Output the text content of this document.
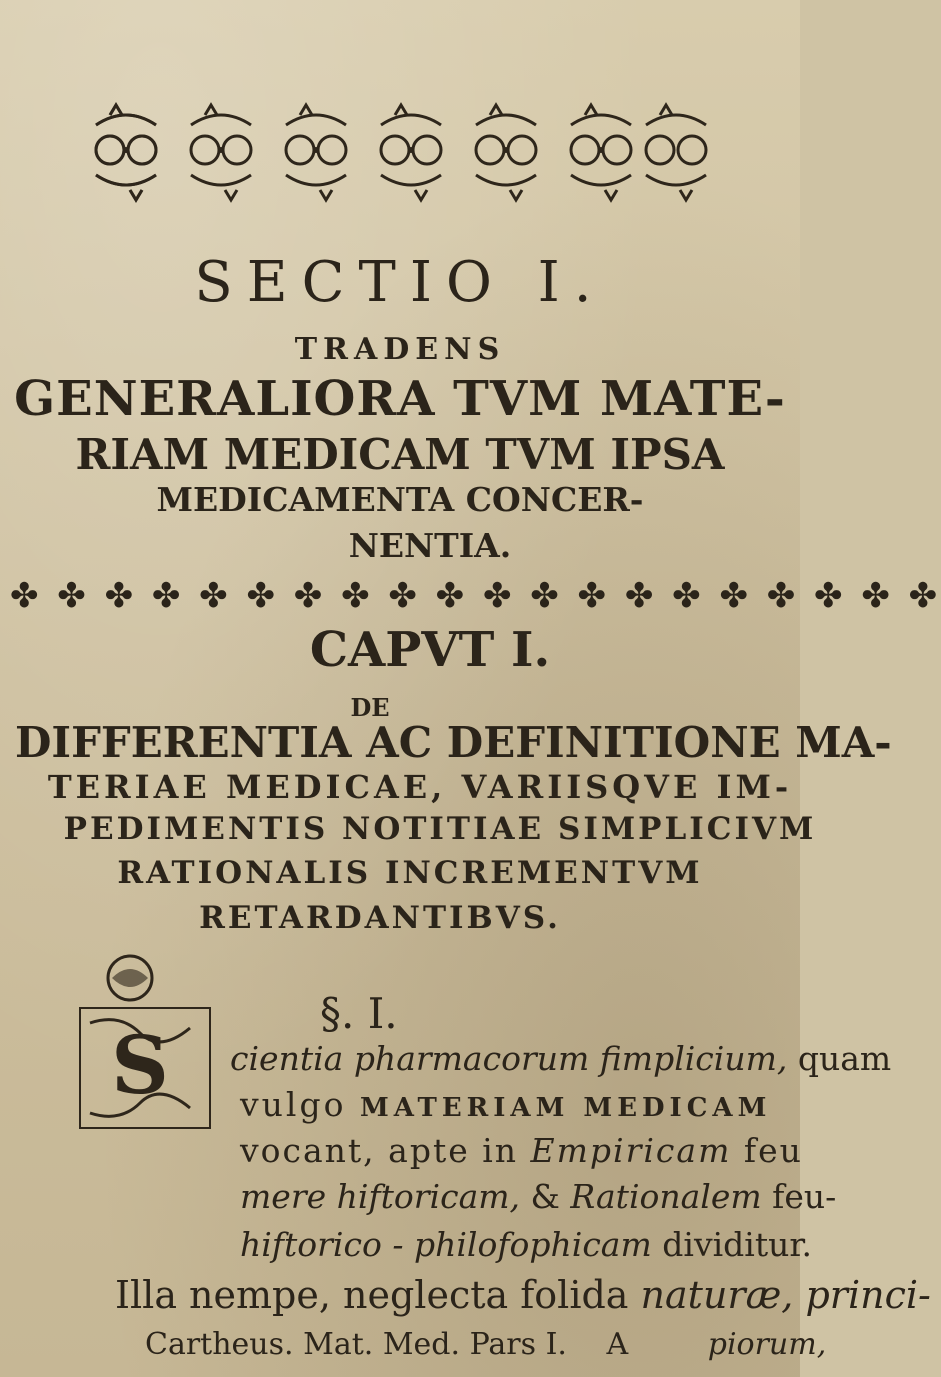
SECTIO I.
TRADENS
GENERALIORA TVM MATE-
RIAM MEDICAM TVM IPSA
MEDICAMENTA CONCER-
NENTIA.
✤ ✤ ✤ ✤ ✤ ✤ ✤ ✤ ✤ ✤ ✤ ✤ ✤ ✤ ✤ ✤ ✤ ✤ ✤ ✤
CAPVT I.
DE
DIFFERENTIA AC DEFINITIONE MA-
TERIAE MEDICAE, VARIISQVE IM-
PEDIMENTIS NOTITIAE SIMPLICIVM
RATIONALIS INCREMENTVM
RETARDANTIBVS.
S
§. I.
cientia pharmacorum fimplicium, quam
vulgo MATERIAM MEDICAM
vocant, apte in Empiricam feu
mere hiftoricam, & Rationalem feu-
hiftorico - philofophicam dividitur.
Illa nempe, neglecta folida naturæ, princi-
Cartheus. Mat. Med. Pars I. A	piorum,
